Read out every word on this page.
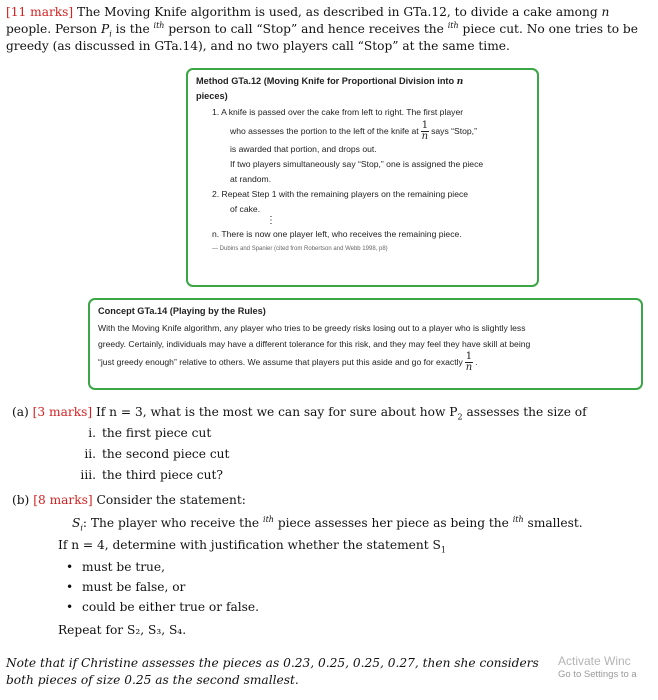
[11 marks] The Moving Knife algorithm is used, as described in GTa.12, to divide a cake among n people. Person $P_i$ is the $^{ith}$ person to call “Stop” and hence receives the $^{ith}$ piece cut. No one tries to be greedy (as discussed in GTa.14), and no two players call “Stop” at the same time.

Method GTa.12 (Moving Knife for Proportional Division into n
pieces)

1. A knife is passed over the cake from left to right. The first player

who assesses the portion to the left of the knife at $\frac{1}{n}$ says “Stop,”

is awarded that portion, and drops out.

If two players simultaneously say “Stop,” one is assigned the piece

at random.

2. Repeat Step 1 with the remaining players on the remaining piece

of cake.

⋮

n. There is now one player left, who receives the remaining piece.

— Dubins and Spanier (cited from Robertson and Webb 1998, p8)

Concept GTa.14 (Playing by the Rules)

With the Moving Knife algorithm, any player who tries to be greedy risks losing out to a player who is slightly less

greedy. Certainly, individuals may have a different tolerance for this risk, and they may feel they have skill at being

“just greedy enough” relative to others. We assume that players put this aside and go for exactly $\frac{1}{n}$ .

(a) [3 marks] If n = 3, what is the most we can say for sure about how $P_2$ assesses the size of
i. the first piece cut
ii. the second piece cut
iii. the third piece cut?
(b) [8 marks] Consider the statement:
$S_i$: The player who receive the $^{ith}$ piece assesses her piece as being the $^{ith}$ smallest.
If n = 4, determine with justification whether the statement $S_1$
• must be true,
• must be false, or
• could be either true or false.
Repeat for S₂, S₃, S₄.
Note that if Christine assesses the pieces as 0.23, 0.25, 0.25, 0.27, then she considers both pieces of size 0.25 as the second smallest.
Activate Winc
Go to Settings to a
